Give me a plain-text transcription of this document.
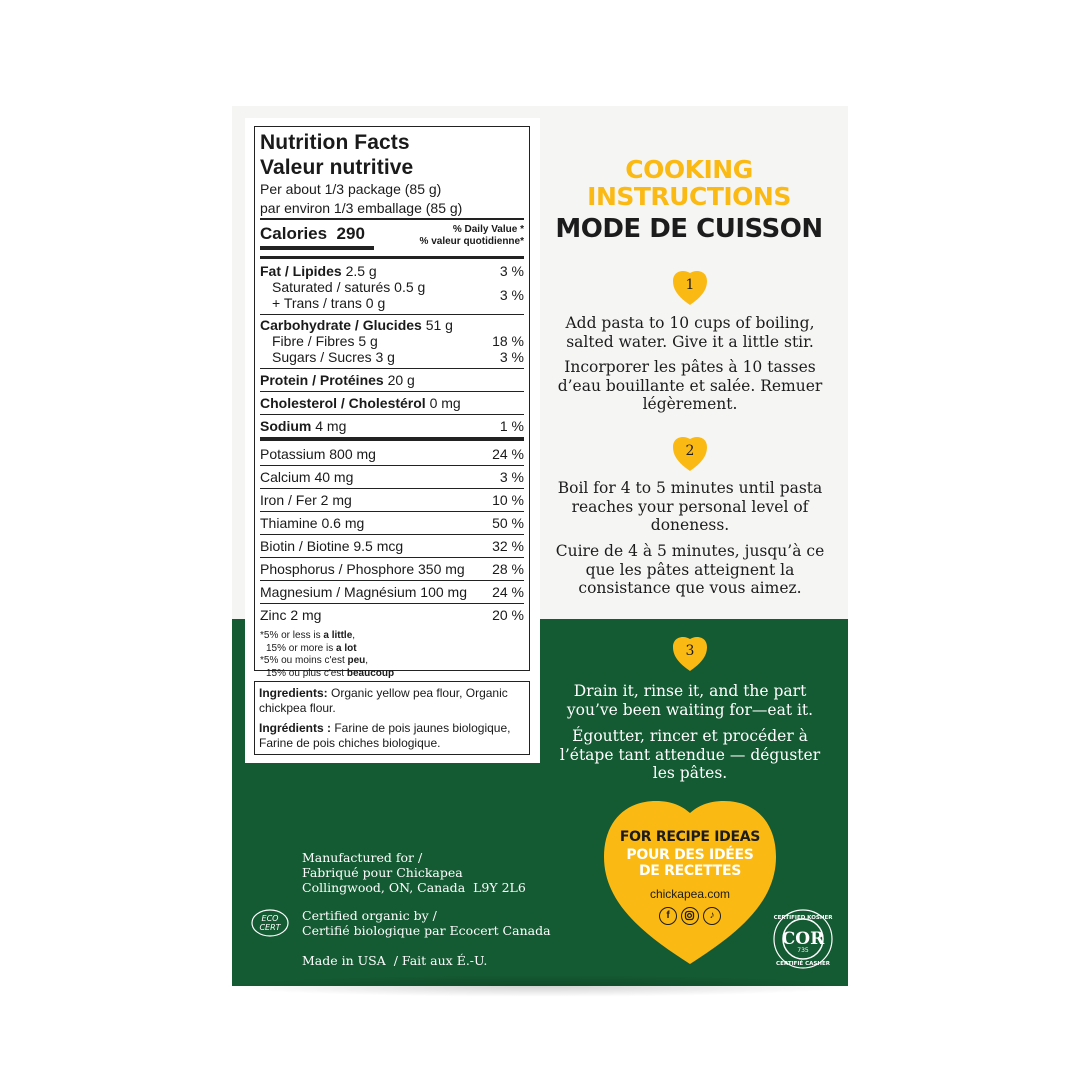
Nutrition Facts
Valeur nutritive
Per about 1/3 package (85 g)
par environ 1/3 emballage (85 g)
Calories  290	% Daily Value *
% valeur quotidienne*
Fat / Lipides 2.5 g	3 %
Saturated / saturés 0.5 g
+ Trans / trans 0 g	3 %
Carbohydrate / Glucides 51 g
Fibre / Fibres 5 g	18 %
Sugars / Sucres 3 g	3 %
Protein / Protéines 20 g
Cholesterol / Cholestérol 0 mg
Sodium 4 mg	1 %
Potassium 800 mg	24 %
Calcium 40 mg	3 %
Iron / Fer 2 mg	10 %
Thiamine 0.6 mg	50 %
Biotin / Biotine 9.5 mcg	32 %
Phosphorus / Phosphore 350 mg 28 %
Magnesium / Magnésium 100 mg 24 %
Zinc 2 mg	20 %
*5% or less is a little,
15% or more is a lot
*5% ou moins c'est peu,
15% ou plus c'est beaucoup

Ingredients: Organic yellow pea flour, Organic chickpea flour.

Ingrédients : Farine de pois jaunes biologique, Farine de pois chiches biologique.

COOKING
INSTRUCTIONS
MODE DE CUISSON
1
Add pasta to 10 cups of boiling, salted water. Give it a little stir.
Incorporer les pâtes à 10 tasses d’eau bouillante et salée. Remuer légèrement.
2
Boil for 4 to 5 minutes until pasta reaches your personal level of doneness.
Cuire de 4 à 5 minutes, jusqu’à ce que les pâtes atteignent la consistance que vous aimez.
3
Drain it, rinse it, and the part you’ve been waiting for—eat it.
Égoutter, rincer et procéder à l’étape tant attendue — déguster les pâtes.
FOR RECIPE IDEAS
POUR DES IDÉES
DE RECETTES
chickapea.com
f	♪
Manufactured for /
Fabriqué pour Chickapea
Collingwood, ON, Canada  L9Y 2L6
Certified organic by /
Certifié biologique par Ecocert Canada
Made in USA  / Fait aux É.-U.
ECO
CERT
CERTIFIED KOSHER
COR
735
CERTIFIÉ CASHER
